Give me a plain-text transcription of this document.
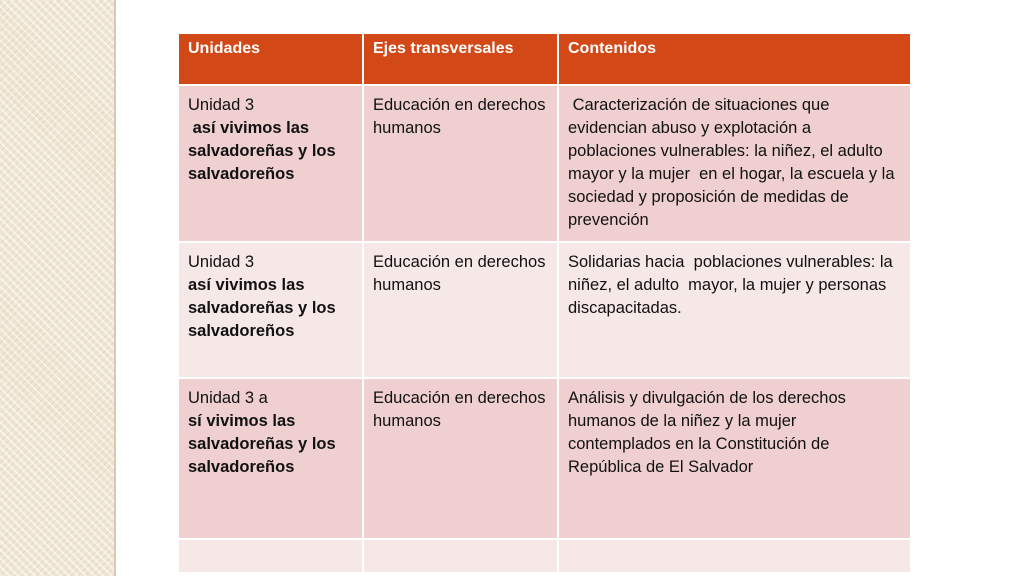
Unidades	Ejes transversales	Contenidos

Unidad 3
así vivimos las salvadoreñas y los salvadoreños	Educación en derechos humanos	Caracterización de situaciones que evidencian abuso y explotación a poblaciones vulnerables: la niñez, el adulto mayor y la mujer  en el hogar, la escuela y la sociedad y proposición de medidas de prevención

Unidad 3
así vivimos las salvadoreñas y los salvadoreños	Educación en derechos humanos	Solidarias hacia  poblaciones vulnerables: la niñez, el adulto  mayor, la mujer y personas discapacitadas.

Unidad 3 a
sí vivimos las salvadoreñas y los salvadoreños	Educación en derechos humanos	Análisis y divulgación de los derechos humanos de la niñez y la mujer contemplados en la Constitución de República de El Salvador
